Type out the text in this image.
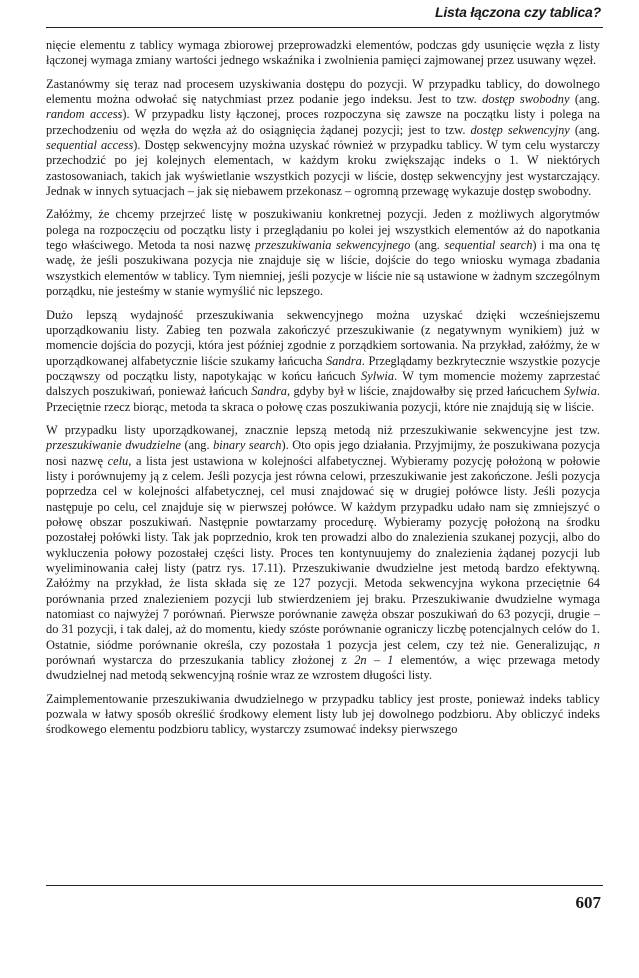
Lista łączona czy tablica?

nięcie elementu z tablicy wymaga zbiorowej przeprowadzki elementów, podczas gdy usunięcie węzła z listy łączonej wymaga zmiany wartości jednego wskaźnika i zwolnienia pamięci zajmowanej przez usuwany węzeł.

Zastanówmy się teraz nad procesem uzyskiwania dostępu do pozycji. W przypadku tablicy, do dowolnego elementu można odwołać się natychmiast przez podanie jego indeksu. Jest to tzw. dostęp swobodny (ang. random access). W przypadku listy łączonej, proces rozpoczyna się zawsze na początku listy i polega na przechodzeniu od węzła do węzła aż do osiągnięcia żądanej pozycji; jest to tzw. dostęp sekwencyjny (ang. sequential access). Dostęp sekwencyjny można uzyskać również w przypadku tablicy. W tym celu wystarczy przechodzić po jej kolejnych elementach, w każdym kroku zwiększając indeks o 1. W niektórych zastosowaniach, takich jak wyświetlanie wszystkich pozycji w liście, dostęp sekwencyjny jest wystarczający. Jednak w innych sytuacjach – jak się niebawem przekonasz – ogromną przewagę wykazuje dostęp swobodny.

Załóżmy, że chcemy przejrzeć listę w poszukiwaniu konkretnej pozycji. Jeden z możliwych algorytmów polega na rozpoczęciu od początku listy i przeglądaniu po kolei jej wszystkich elementów aż do napotkania tego właściwego. Metoda ta nosi nazwę przeszukiwania sekwencyjnego (ang. sequential search) i ma ona tę wadę, że jeśli poszukiwana pozycja nie znajduje się w liście, dojście do tego wniosku wymaga zbadania wszystkich elementów w tablicy. Tym niemniej, jeśli pozycje w liście nie są ustawione w żadnym szczególnym porządku, nie jesteśmy w stanie wymyślić nic lepszego.

Dużo lepszą wydajność przeszukiwania sekwencyjnego można uzyskać dzięki wcześniejszemu uporządkowaniu listy. Zabieg ten pozwala zakończyć przeszukiwanie (z negatywnym wynikiem) już w momencie dojścia do pozycji, która jest później zgodnie z porządkiem sortowania. Na przykład, załóżmy, że w uporządkowanej alfabetycznie liście szukamy łańcucha Sandra. Przeglądamy bezkrytecznie wszystkie pozycje począwszy od początku listy, napotykając w końcu łańcuch Sylwia. W tym momencie możemy zaprzestać dalszych poszukiwań, ponieważ łańcuch Sandra, gdyby był w liście, znajdowałby się przed łańcuchem Sylwia. Przeciętnie rzecz biorąc, metoda ta skraca o połowę czas poszukiwania pozycji, które nie znajdują się w liście.

W przypadku listy uporządkowanej, znacznie lepszą metodą niż przeszukiwanie sekwencyjne jest tzw. przeszukiwanie dwudzielne (ang. binary search). Oto opis jego działania. Przyjmijmy, że poszukiwana pozycja nosi nazwę celu, a lista jest ustawiona w kolejności alfabetycznej. Wybieramy pozycję położoną w połowie listy i porównujemy ją z celem. Jeśli pozycja jest równa celowi, przeszukiwanie jest zakończone. Jeśli pozycja poprzedza cel w kolejności alfabetycznej, cel musi znajdować się w drugiej połówce listy. Jeśli pozycja następuje po celu, cel znajduje się w pierwszej połówce. W każdym przypadku udało nam się zmniejszyć o połowę obszar poszukiwań. Następnie powtarzamy procedurę. Wybieramy pozycję położoną na środku pozostałej połówki listy. Tak jak poprzednio, krok ten prowadzi albo do znalezienia szukanej pozycji, albo do wykluczenia połowy pozostałej części listy. Proces ten kontynuujemy do znalezienia żądanej pozycji lub wyeliminowania całej listy (patrz rys. 17.11). Przeszukiwanie dwudzielne jest metodą bardzo efektywną. Załóżmy na przykład, że lista składa się ze 127 pozycji. Metoda sekwencyjna wykona przeciętnie 64 porównania przed znalezieniem pozycji lub stwierdzeniem jej braku. Przeszukiwanie dwudzielne wymaga natomiast co najwyżej 7 porównań. Pierwsze porównanie zawęża obszar poszukiwań do 63 pozycji, drugie – do 31 pozycji, i tak dalej, aż do momentu, kiedy szóste porównanie ograniczy liczbę potencjalnych celów do 1. Ostatnie, siódme porównanie określa, czy pozostała 1 pozycja jest celem, czy też nie. Generalizując, n porównań wystarcza do przeszukania tablicy złożonej z 2n – 1 elementów, a więc przewaga metody dwudzielnej nad metodą sekwencyjną rośnie wraz ze wzrostem długości listy.

Zaimplementowanie przeszukiwania dwudzielnego w przypadku tablicy jest proste, ponieważ indeks tablicy pozwala w łatwy sposób określić środkowy element listy lub jej dowolnego podzbioru. Aby obliczyć indeks środkowego elementu podzbioru tablicy, wystarczy zsumować indeksy pierwszego

607
